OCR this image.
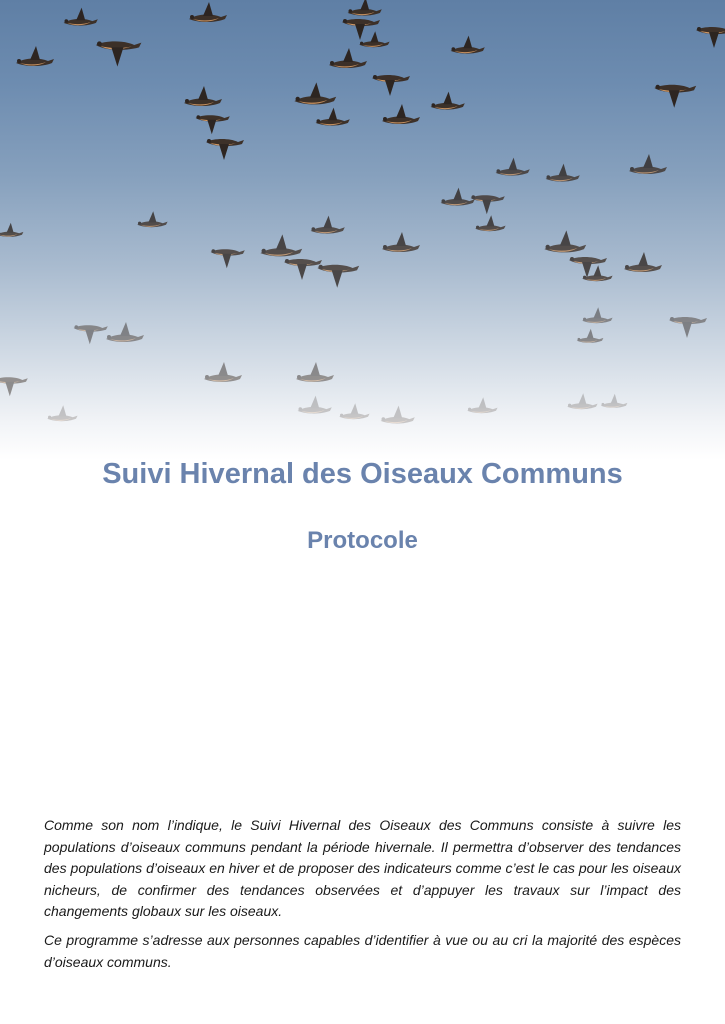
Suivi Hivernal des Oiseaux Communs
Protocole

Comme son nom l’indique, le Suivi Hivernal des Oiseaux des Communs consiste à suivre les populations d’oiseaux communs pendant la période hivernale. Il permettra d’observer des tendances des populations d’oiseaux en hiver et de proposer des indicateurs comme c’est le cas pour les oiseaux nicheurs, de confirmer des tendances observées et d’appuyer les travaux sur l’impact des changements globaux sur les oiseaux.

Ce programme s’adresse aux personnes capables d’identifier à vue ou au cri la majorité des espèces d’oiseaux communs.
